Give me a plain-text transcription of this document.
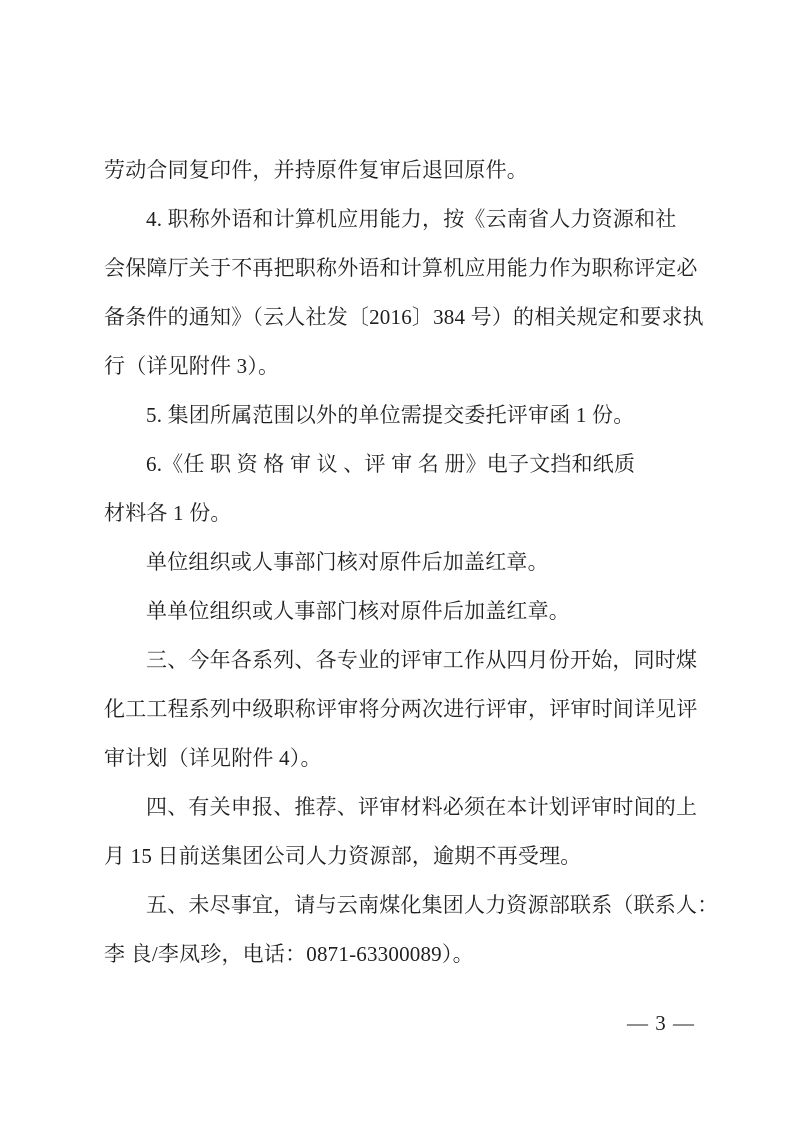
劳动合同复印件，并持原件复审后退回原件。
4. 职称外语和计算机应用能力，按《云南省人力资源和社
会保障厅关于不再把职称外语和计算机应用能力作为职称评定必
备条件的通知》（云人社发〔2016〕384 号）的相关规定和要求执
行（详见附件 3）。
5. 集团所属范围以外的单位需提交委托评审函 1 份。
6.《任 职 资 格 审 议 、评 审 名 册》电子文挡和纸质
材料各 1 份。
单位组织或人事部门核对原件后加盖红章。
单单位组织或人事部门核对原件后加盖红章。
三、今年各系列、各专业的评审工作从四月份开始，同时煤
化工工程系列中级职称评审将分两次进行评审，评审时间详见评
审计划（详见附件 4）。
四、有关申报、推荐、评审材料必须在本计划评审时间的上
月 15 日前送集团公司人力资源部，逾期不再受理。
五、未尽事宜，请与云南煤化集团人力资源部联系（联系人：
李 良/李凤珍，电话：0871-63300089）。
— 3 —
